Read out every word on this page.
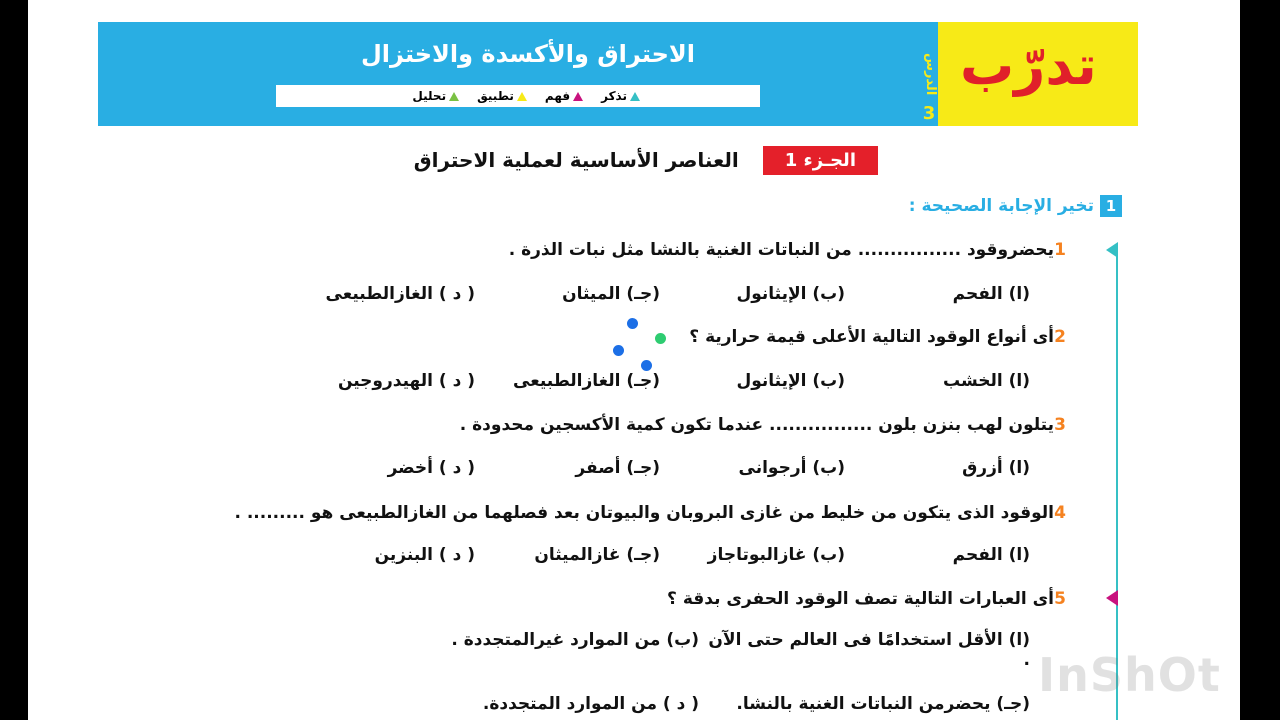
تدرّب
الدرس
3
الاحتراق والأكسدة والاختزال
تذكر
فهم
تطبيق
تحليل
الجـزء 1
العناصر الأساسية لعملية الاحتراق
1
تخير الإجابة الصحيحة :
1
يحضروقود ................ من النباتات الغنية بالنشا مثل نبات الذرة .
(ا) الفحم
(ب) الإيثانول
(جـ) الميثان
( د ) الغازالطبيعى
2
أى أنواع الوقود التالية الأعلى قيمة حرارية ؟
(ا) الخشب
(ب) الإيثانول
(جـ) الغازالطبيعى
( د ) الهيدروجين
3
يتلون لهب بنزن بلون ................ عندما تكون كمية الأكسجين محدودة .
(ا) أزرق
(ب) أرجوانى
(جـ) أصفر
( د ) أخضر
4
الوقود الذى يتكون من خليط من غازى البروبان والبيوتان بعد فصلهما من الغازالطبيعى هو ......... .
(ا) الفحم
(ب) غازالبوتاجاز
(جـ) غازالميثان
( د ) البنزين
5
أى العبارات التالية تصف الوقود الحفرى بدقة ؟
(ا) الأقل استخدامًا فى العالم حتى الآن .
(ب) من الموارد غيرالمتجددة .
(جـ) يحضرمن النباتات الغنية بالنشا.
( د ) من الموارد المتجددة.
InShOt
